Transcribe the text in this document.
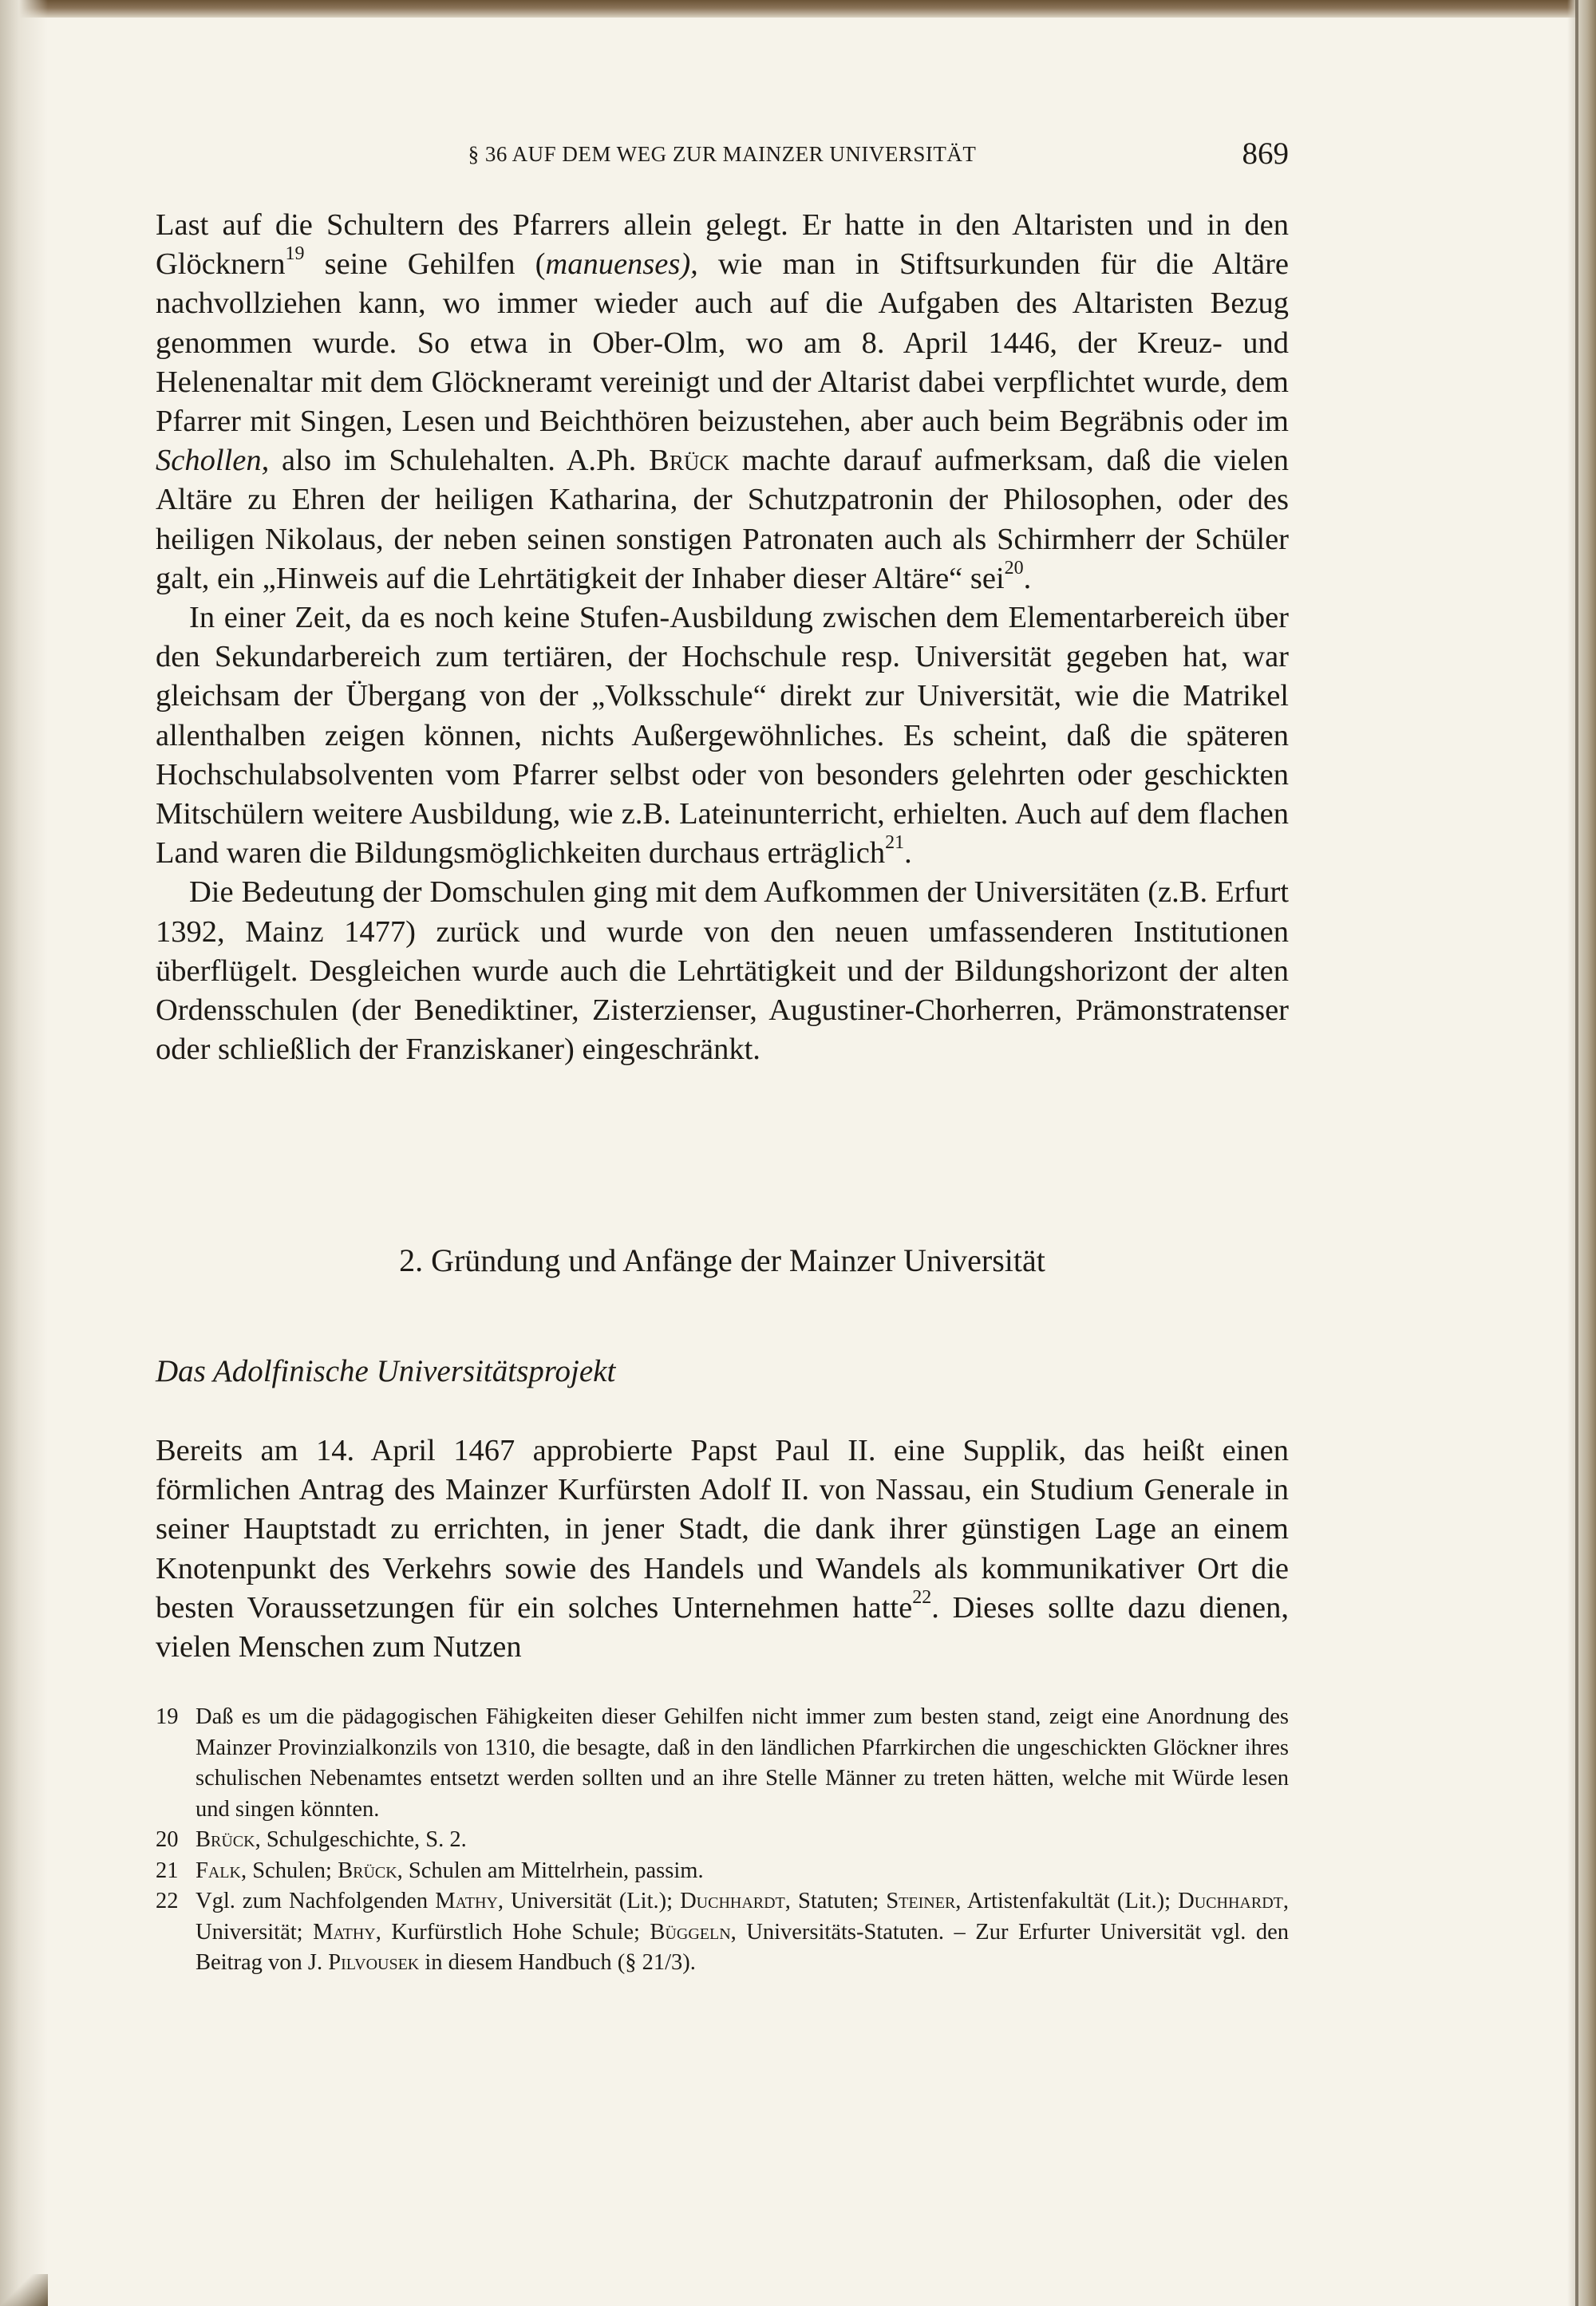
§ 36 AUF DEM WEG ZUR MAINZER UNIVERSITÄT	869

Last auf die Schultern des Pfarrers allein gelegt. Er hatte in den Altaristen und in den Glöcknern$^{19}$ seine Gehilfen (manuenses), wie man in Stiftsurkunden für die Altäre nachvollziehen kann, wo immer wieder auch auf die Aufgaben des Altaristen Bezug genommen wurde. So etwa in Ober-Olm, wo am 8. April 1446, der Kreuz- und Helenenaltar mit dem Glöckneramt vereinigt und der Altarist dabei verpflichtet wurde, dem Pfarrer mit Singen, Lesen und Beichthören beizustehen, aber auch beim Begräbnis oder im Schollen, also im Schulehalten. A.Ph. Brück machte darauf aufmerksam, daß die vielen Altäre zu Ehren der heiligen Katharina, der Schutzpatronin der Philosophen, oder des heiligen Nikolaus, der neben seinen sonstigen Patronaten auch als Schirmherr der Schüler galt, ein „Hinweis auf die Lehrtätigkeit der Inhaber dieser Altäre“ sei$^{20}$.

In einer Zeit, da es noch keine Stufen-Ausbildung zwischen dem Elementarbereich über den Sekundarbereich zum tertiären, der Hochschule resp. Universität gegeben hat, war gleichsam der Übergang von der „Volksschule“ direkt zur Universität, wie die Matrikel allenthalben zeigen können, nichts Außergewöhnliches. Es scheint, daß die späteren Hochschulabsolventen vom Pfarrer selbst oder von besonders gelehrten oder geschickten Mitschülern weitere Ausbildung, wie z.B. Lateinunterricht, erhielten. Auch auf dem flachen Land waren die Bildungsmöglichkeiten durchaus erträglich$^{21}$.

Die Bedeutung der Domschulen ging mit dem Aufkommen der Universitäten (z.B. Erfurt 1392, Mainz 1477) zurück und wurde von den neuen umfassenderen Institutionen überflügelt. Desgleichen wurde auch die Lehrtätigkeit und der Bildungshorizont der alten Ordensschulen (der Benediktiner, Zisterzienser, Augustiner-Chorherren, Prämonstratenser oder schließlich der Franziskaner) eingeschränkt.

2. Gründung und Anfänge der Mainzer Universität
Das Adolfinische Universitätsprojekt

Bereits am 14. April 1467 approbierte Papst Paul II. eine Supplik, das heißt einen förmlichen Antrag des Mainzer Kurfürsten Adolf II. von Nassau, ein Studium Generale in seiner Hauptstadt zu errichten, in jener Stadt, die dank ihrer günstigen Lage an einem Knotenpunkt des Verkehrs sowie des Handels und Wandels als kommunikativer Ort die besten Voraussetzungen für ein solches Unternehmen hatte$^{22}$. Dieses sollte dazu dienen, vielen Menschen zum Nutzen

19 Daß es um die pädagogischen Fähigkeiten dieser Gehilfen nicht immer zum besten stand, zeigt eine Anordnung des Mainzer Provinzialkonzils von 1310, die besagte, daß in den ländlichen Pfarrkirchen die ungeschickten Glöckner ihres schulischen Nebenamtes entsetzt werden sollten und an ihre Stelle Männer zu treten hätten, welche mit Würde lesen und singen könnten.
20 Brück, Schulgeschichte, S. 2.
21 Falk, Schulen; Brück, Schulen am Mittelrhein, passim.
22 Vgl. zum Nachfolgenden Mathy, Universität (Lit.); Duchhardt, Statuten; Steiner, Artistenfakultät (Lit.); Duchhardt, Universität; Mathy, Kurfürstlich Hohe Schule; Büggeln, Universitäts-Statuten. – Zur Erfurter Universität vgl. den Beitrag von J. Pilvousek in diesem Handbuch (§ 21/3).
